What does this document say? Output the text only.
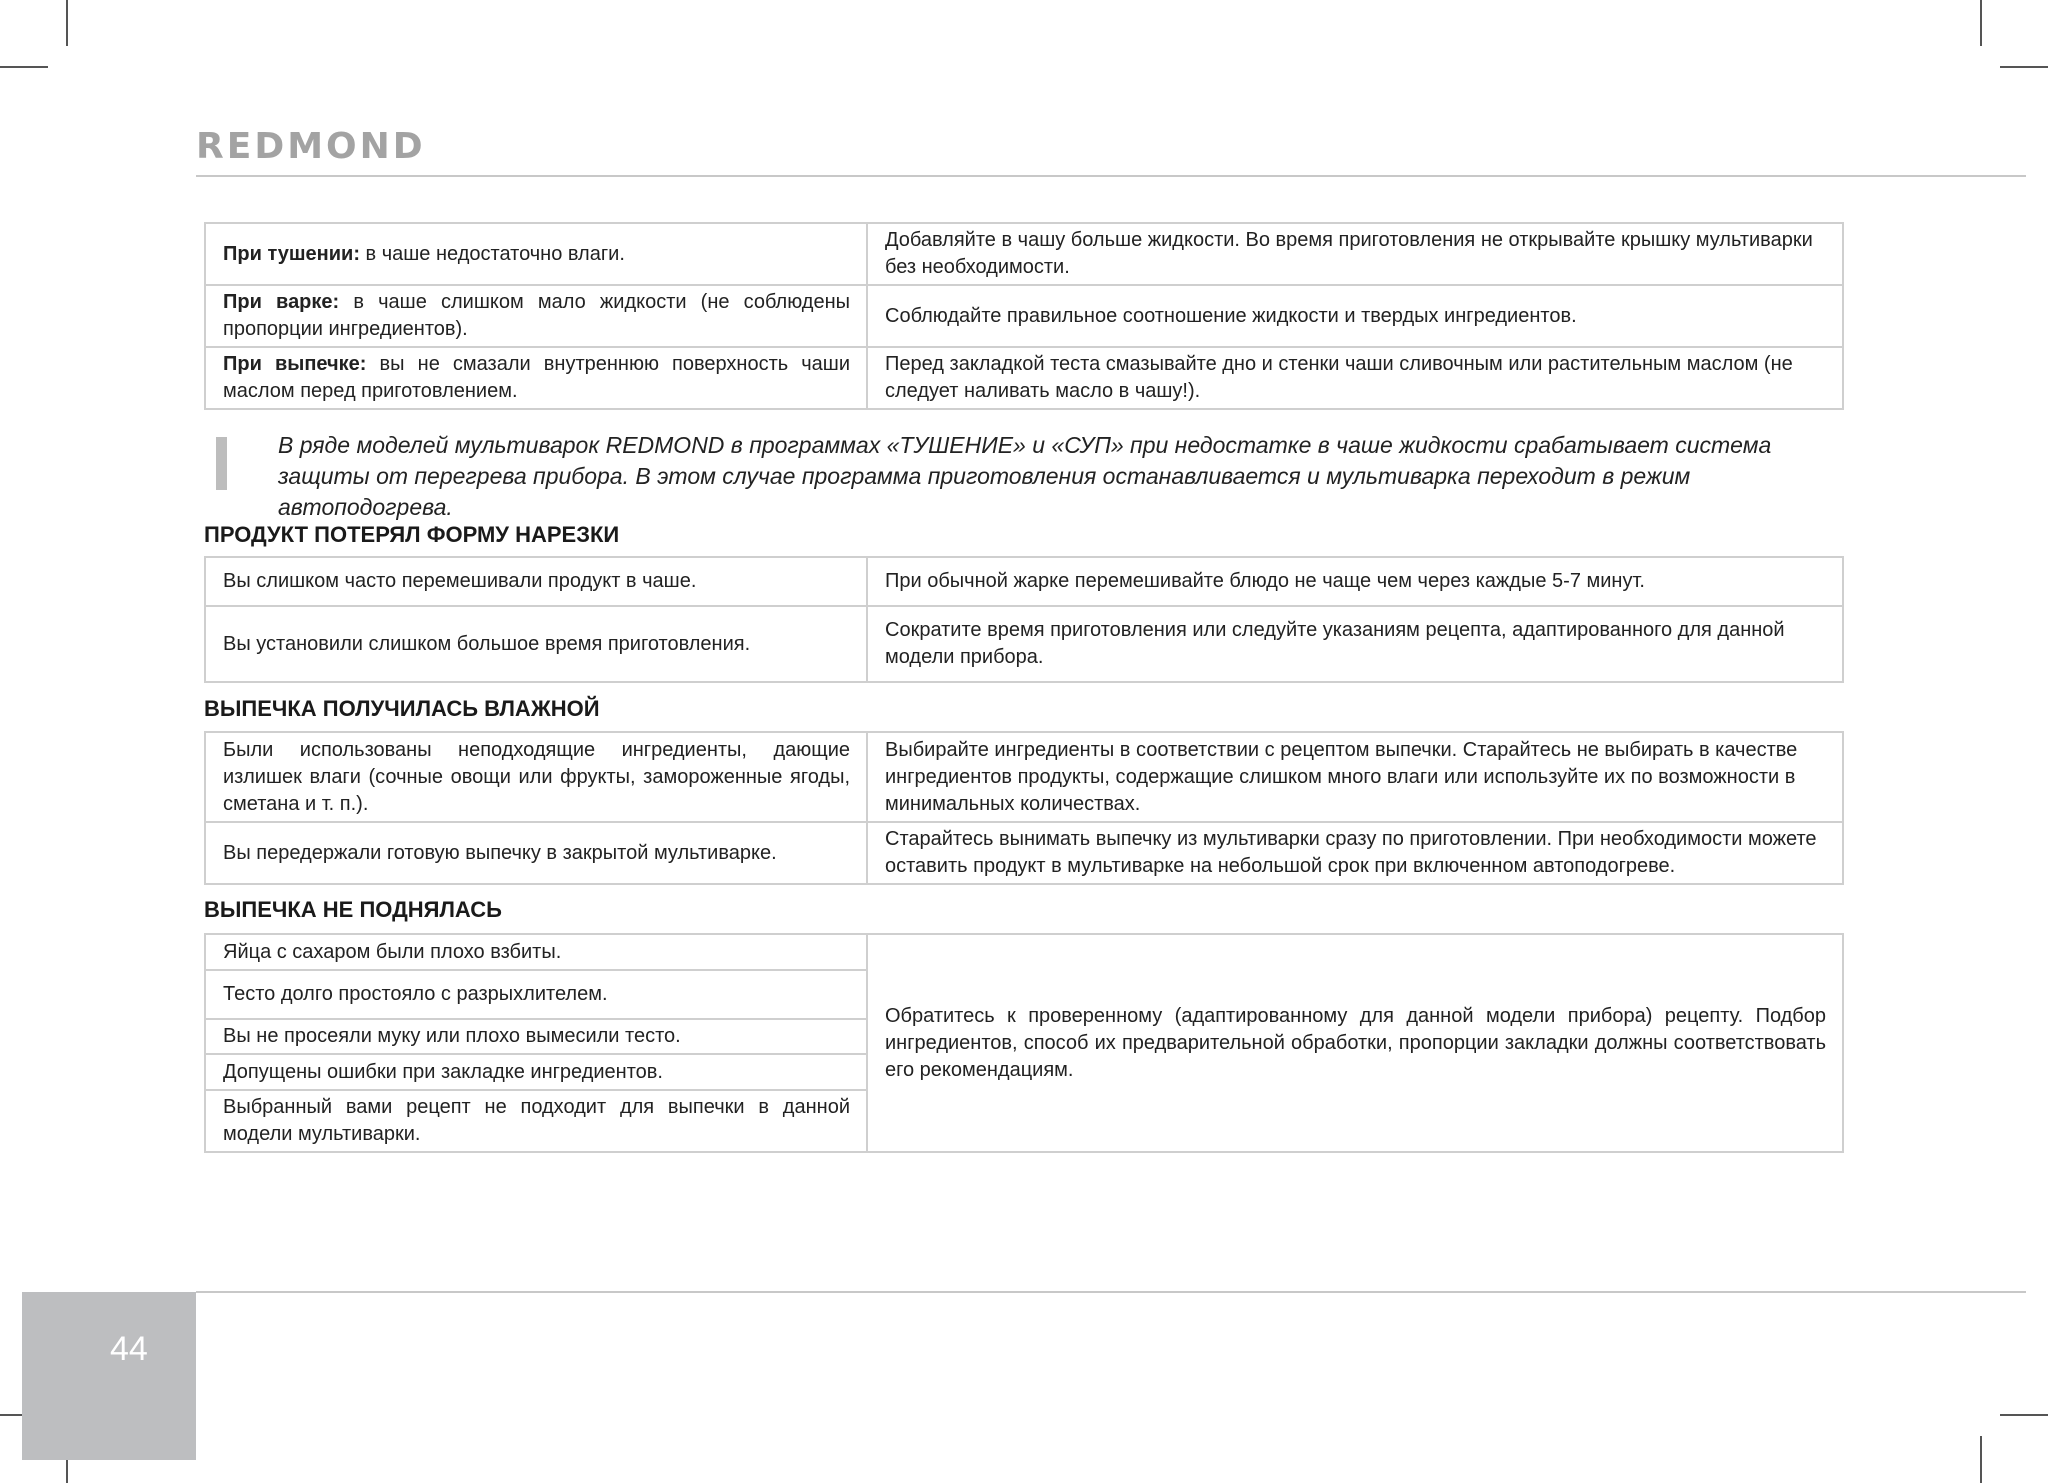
REDMOND
При тушении: в чаше недостаточно влаги.	Добавляйте в чашу больше жидкости. Во время приготовления не открывайте крышку мультиварки без необходимости.
При варке: в чаше слишком мало жидкости (не соблюдены пропорции ингредиентов).	Соблюдайте правильное соотношение жидкости и твердых ингредиентов.
При выпечке: вы не смазали внутреннюю поверхность чаши маслом перед приготовлением.	Перед закладкой теста смазывайте дно и стенки чаши сливочным или растительным маслом (не следует наливать масло в чашу!).
В ряде моделей мультиварок REDMOND в программах «ТУШЕНИЕ» и «СУП» при недостатке в чаше жидкости срабатывает система защиты от перегрева прибора. В этом случае программа приготовления останавливается и мультиварка переходит в режим автоподогрева.
ПРОДУКТ ПОТЕРЯЛ ФОРМУ НАРЕЗКИ
Вы слишком часто перемешивали продукт в чаше.	При обычной жарке перемешивайте блюдо не чаще чем через каждые 5-7 минут.
Вы установили слишком большое время приготовления.	Сократите время приготовления или следуйте указаниям рецепта, адаптированного для данной модели прибора.
ВЫПЕЧКА ПОЛУЧИЛАСЬ ВЛАЖНОЙ
Были использованы неподходящие ингредиенты, дающие излишек влаги (сочные овощи или фрукты, замороженные ягоды, сметана и т. п.).	Выбирайте ингредиенты в соответствии с рецептом выпечки. Старайтесь не выбирать в качестве ингредиентов продукты, содержащие слишком много влаги или используйте их по возможности в минимальных количествах.
Вы передержали готовую выпечку в закрытой мультиварке.	Старайтесь вынимать выпечку из мультиварки сразу по приготовлении. При необходимости можете оставить продукт в мультиварке на небольшой срок при включенном автоподогреве.
ВЫПЕЧКА НЕ ПОДНЯЛАСЬ
Яйца с сахаром были плохо взбиты.	Обратитесь к проверенному (адаптированному для данной модели прибора) рецепту. Подбор ингредиентов, способ их предварительной обработки, пропорции закладки должны соответствовать его рекомендациям.
Тесто долго простояло с разрыхлителем.
Вы не просеяли муку или плохо вымесили тесто.
Допущены ошибки при закладке ингредиентов.
Выбранный вами рецепт не подходит для выпечки в данной модели мультиварки.
44
